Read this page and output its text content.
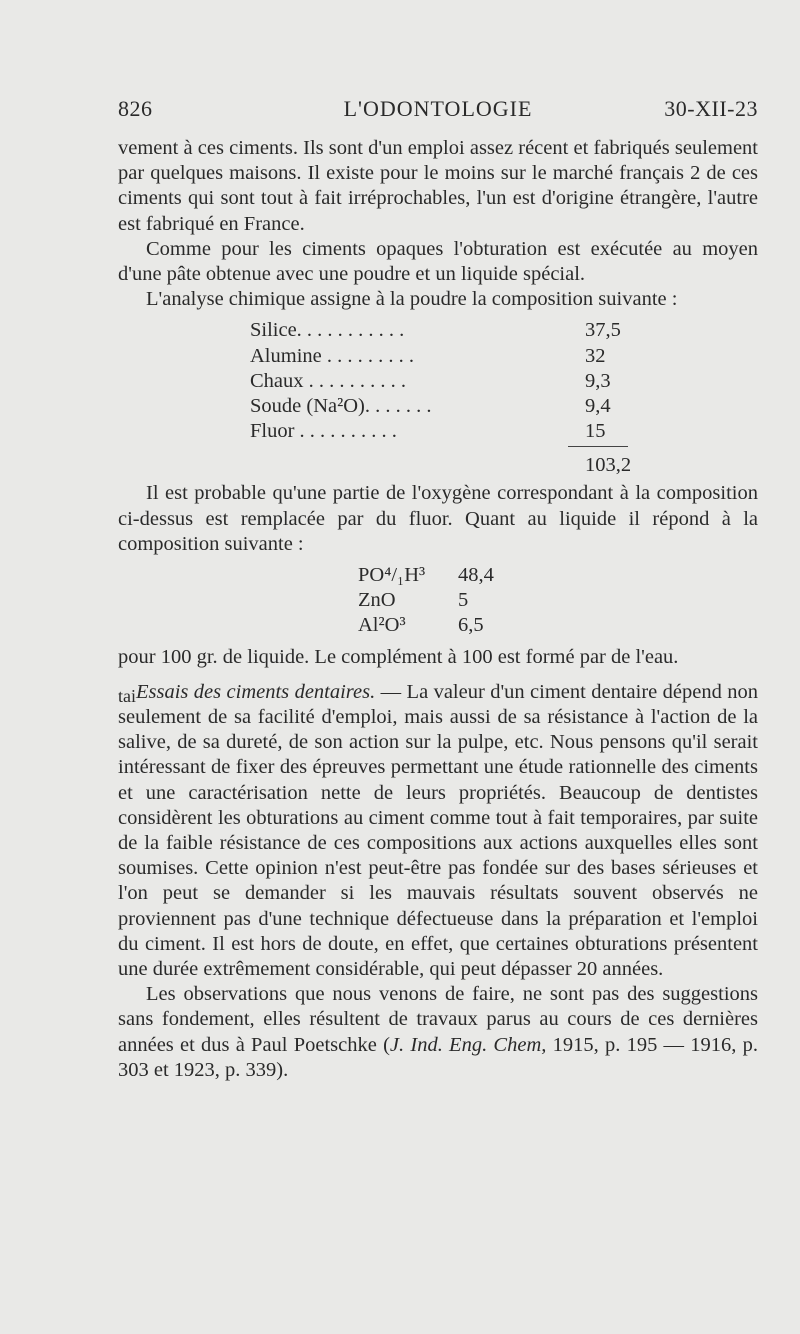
826	L'ODONTOLOGIE	30-XII-23

vement à ces ciments. Ils sont d'un emploi assez récent et fabriqués seulement par quelques maisons. Il existe pour le moins sur le marché français 2 de ces ciments qui sont tout à fait irréprochables, l'un est d'origine étrangère, l'autre est fabriqué en France.

Comme pour les ciments opaques l'obturation est exécutée au moyen d'une pâte obtenue avec une poudre et un liquide spécial.

L'analyse chimique assigne à la poudre la composition suivante :

Silice. . . . . . . . . . .	37,5
Alumine . . . . . . . . .	32
Chaux . . . . . . . . . .	9,3
Soude (Na²O). . . . . . .	9,4
Fluor . . . . . . . . . .	15
103,2

Il est probable qu'une partie de l'oxygène correspondant à la composition ci-dessus est remplacée par du fluor. Quant au liquide il répond à la composition suivante :

PO⁴/₁H³ 48,4
ZnO	5
Al²O³	6,5

pour 100 gr. de liquide. Le complément à 100 est formé par de l'eau.

taiEssais des ciments dentaires. — La valeur d'un ciment dentaire dépend non seulement de sa facilité d'emploi, mais aussi de sa résistance à l'action de la salive, de sa dureté, de son action sur la pulpe, etc. Nous pensons qu'il serait intéressant de fixer des épreuves permettant une étude rationnelle des ciments et une caractérisation nette de leurs propriétés. Beaucoup de dentistes considèrent les obturations au ciment comme tout à fait temporaires, par suite de la faible résistance de ces compositions aux actions auxquelles elles sont soumises. Cette opinion n'est peut-être pas fondée sur des bases sérieuses et l'on peut se demander si les mauvais résultats souvent observés ne proviennent pas d'une technique défectueuse dans la préparation et l'emploi du ciment. Il est hors de doute, en effet, que certaines obturations présentent une durée extrêmement considérable, qui peut dépasser 20 années.

Les observations que nous venons de faire, ne sont pas des suggestions sans fondement, elles résultent de travaux parus au cours de ces dernières années et dus à Paul Poetschke (J. Ind. Eng. Chem, 1915, p. 195 — 1916, p. 303 et 1923, p. 339).
